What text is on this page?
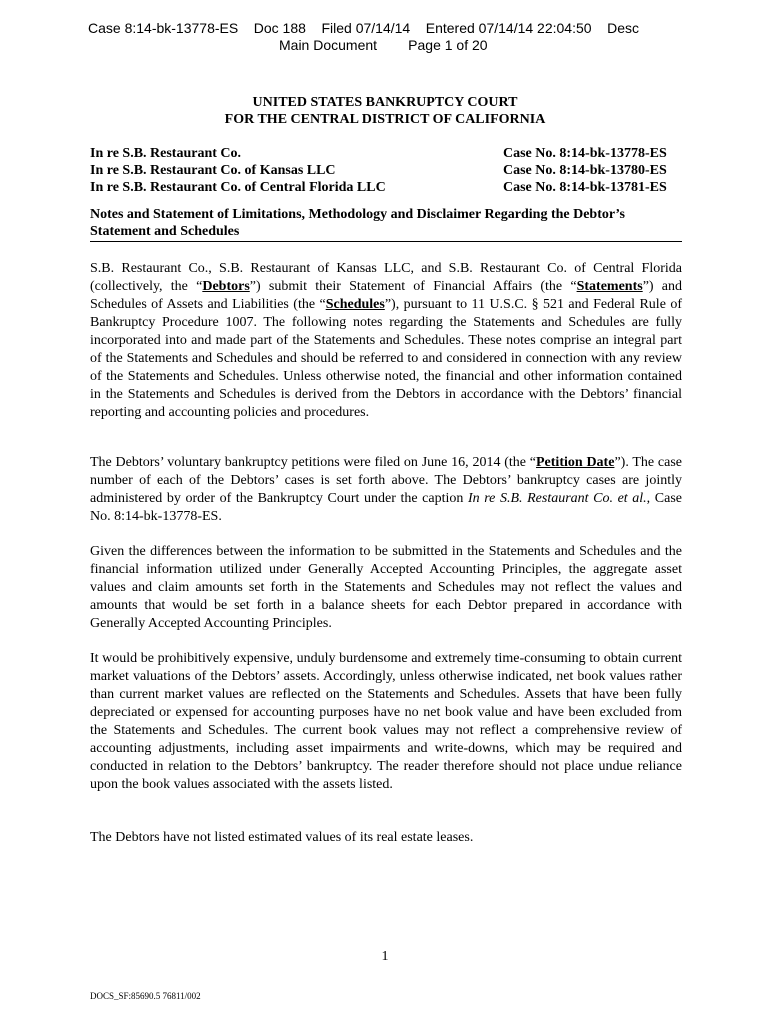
Case 8:14-bk-13778-ES    Doc 188    Filed 07/14/14    Entered 07/14/14 22:04:50    Desc
Main Document        Page 1 of 20
UNITED STATES BANKRUPTCY COURT
FOR THE CENTRAL DISTRICT OF CALIFORNIA
In re S.B. Restaurant Co.	Case No. 8:14-bk-13778-ES
In re S.B. Restaurant Co. of Kansas LLC	Case No. 8:14-bk-13780-ES
In re S.B. Restaurant Co. of Central Florida LLC	Case No. 8:14-bk-13781-ES
Notes and Statement of Limitations, Methodology and Disclaimer Regarding the Debtor’s Statement and Schedules

S.B. Restaurant Co., S.B. Restaurant of Kansas LLC, and S.B. Restaurant Co. of Central Florida (collectively, the “Debtors”) submit their Statement of Financial Affairs (the “Statements”) and Schedules of Assets and Liabilities (the “Schedules”), pursuant to 11 U.S.C. § 521 and Federal Rule of Bankruptcy Procedure 1007. The following notes regarding the Statements and Schedules are fully incorporated into and made part of the Statements and Schedules. These notes comprise an integral part of the Statements and Schedules and should be referred to and considered in connection with any review of the Statements and Schedules. Unless otherwise noted, the financial and other information contained in the Statements and Schedules is derived from the Debtors in accordance with the Debtors’ financial reporting and accounting policies and procedures.

The Debtors’ voluntary bankruptcy petitions were filed on June 16, 2014 (the “Petition Date”). The case number of each of the Debtors’ cases is set forth above. The Debtors’ bankruptcy cases are jointly administered by order of the Bankruptcy Court under the caption In re S.B. Restaurant Co. et al., Case No. 8:14-bk-13778-ES.

Given the differences between the information to be submitted in the Statements and Schedules and the financial information utilized under Generally Accepted Accounting Principles, the aggregate asset values and claim amounts set forth in the Statements and Schedules may not reflect the values and amounts that would be set forth in a balance sheets for each Debtor prepared in accordance with Generally Accepted Accounting Principles.

It would be prohibitively expensive, unduly burdensome and extremely time-consuming to obtain current market valuations of the Debtors’ assets. Accordingly, unless otherwise indicated, net book values rather than current market values are reflected on the Statements and Schedules. Assets that have been fully depreciated or expensed for accounting purposes have no net book value and have been excluded from the Statements and Schedules. The current book values may not reflect a comprehensive review of accounting adjustments, including asset impairments and write-downs, which may be required and conducted in relation to the Debtors’ bankruptcy. The reader therefore should not place undue reliance upon the book values associated with the assets listed.

The Debtors have not listed estimated values of its real estate leases.

1
DOCS_SF:85690.5 76811/002
